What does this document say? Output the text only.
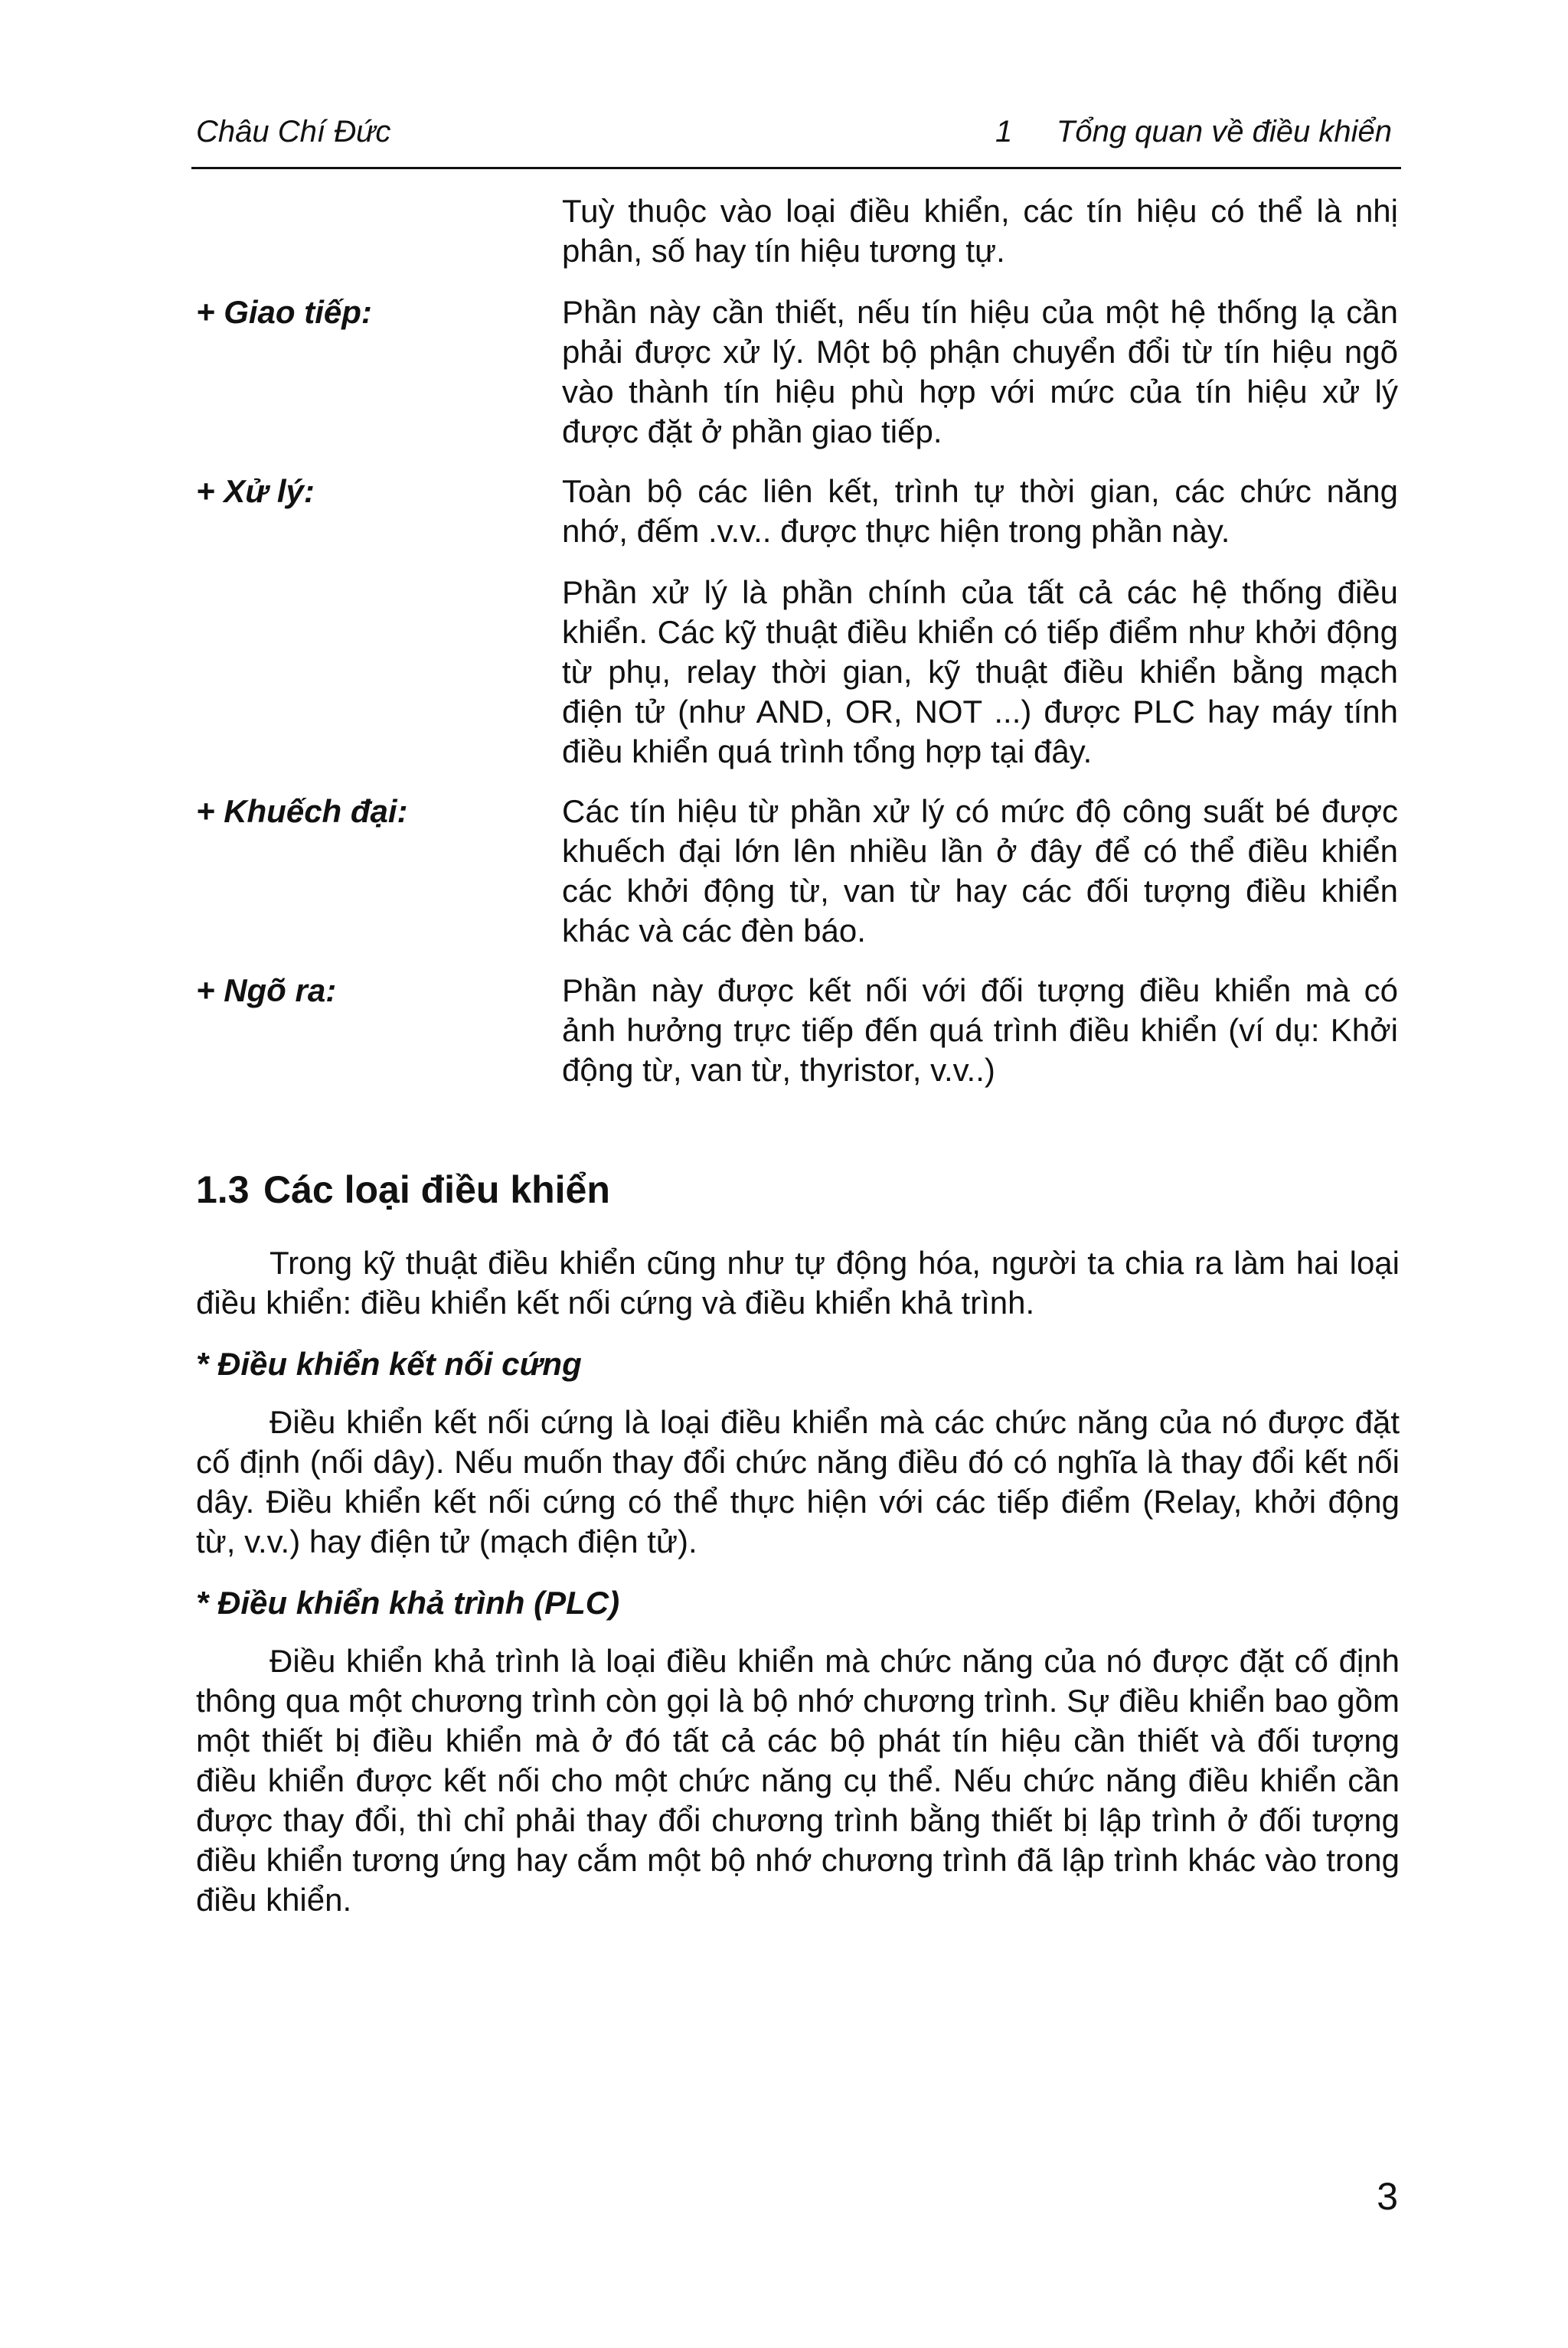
Châu Chí Đức	1 Tổng quan về điều khiển
Tuỳ thuộc vào loại điều khiển, các tín hiệu có thể là nhị phân, số hay tín hiệu tương tự.
+ Giao tiếp:	Phần này cần thiết, nếu tín hiệu của một hệ thống lạ cần phải được xử lý. Một bộ phận chuyển đổi từ tín hiệu ngõ vào thành tín hiệu phù hợp với mức của tín hiệu xử lý được đặt ở phần giao tiếp.
+ Xử lý:	Toàn bộ các liên kết, trình tự thời gian, các chức năng nhớ, đếm .v.v.. được thực hiện trong phần này.
Phần xử lý là phần chính của tất cả các hệ thống điều khiển. Các kỹ thuật điều khiển có tiếp điểm như khởi động từ phụ, relay thời gian, kỹ thuật điều khiển bằng mạch điện tử (như AND, OR, NOT ...) được PLC hay máy tính điều khiển quá trình tổng hợp tại đây.
+ Khuếch đại:	Các tín hiệu từ phần xử lý có mức độ công suất bé được khuếch đại lớn lên nhiều lần ở đây để có thể điều khiển các khởi động từ, van từ hay các đối tượng điều khiển khác và các đèn báo.
+ Ngõ ra:	Phần này được kết nối với đối tượng điều khiển mà có ảnh hưởng trực tiếp đến quá trình điều khiển (ví dụ: Khởi động từ, van từ, thyristor, v.v..)
1.3 Các loại điều khiển
Trong kỹ thuật điều khiển cũng như tự động hóa, người ta chia ra làm hai loại điều khiển: điều khiển kết nối cứng và điều khiển khả trình.
* Điều khiển kết nối cứng
Điều khiển kết nối cứng là loại điều khiển mà các chức năng của nó được đặt cố định (nối dây). Nếu muốn thay đổi chức năng điều đó có nghĩa là thay đổi kết nối dây. Điều khiển kết nối cứng có thể thực hiện với các tiếp điểm (Relay, khởi động từ, v.v.) hay điện tử (mạch điện tử).
* Điều khiển khả trình (PLC)
Điều khiển khả trình là loại điều khiển mà chức năng của nó được đặt cố định thông qua một chương trình còn gọi là bộ nhớ chương trình. Sự điều khiển bao gồm một thiết bị điều khiển mà ở đó tất cả các bộ phát tín hiệu cần thiết và đối tượng điều khiển được kết nối cho một chức năng cụ thể. Nếu chức năng điều khiển cần được thay đổi, thì chỉ phải thay đổi chương trình bằng thiết bị lập trình ở đối tượng điều khiển tương ứng hay cắm một bộ nhớ chương trình đã lập trình khác vào trong điều khiển.
3
